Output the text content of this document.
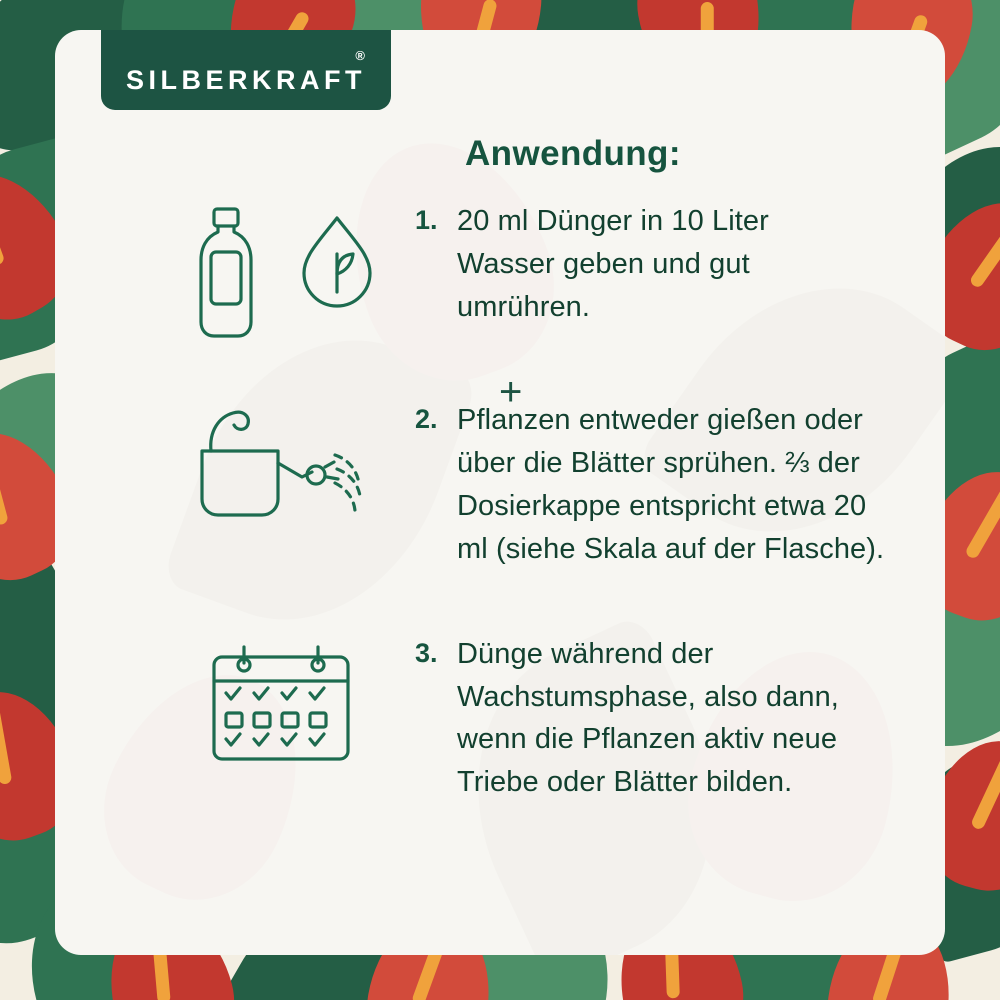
SILBERKRAFT
®
Anwendung:
+
1. 20 ml Dünger in 10 Liter Wasser geben und gut umrühren.
2. Pflanzen entweder gießen oder über die Blätter sprühen. ⅔ der Dosierkappe entspricht etwa 20 ml (siehe Skala auf der Flasche).
3. Dünge während der Wachstumsphase, also dann, wenn die Pflanzen aktiv neue Triebe oder Blätter bilden.
